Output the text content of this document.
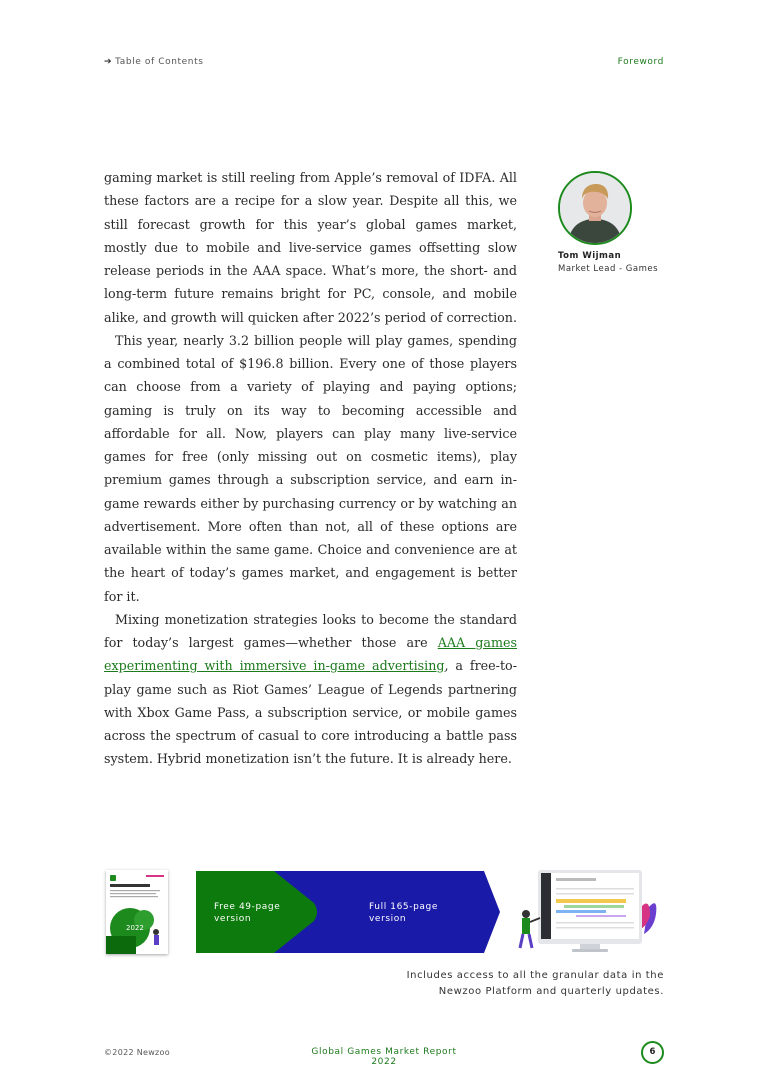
➔ Table of Contents	Foreword

gaming market is still reeling from Apple’s removal of IDFA. All these factors are a recipe for a slow year. Despite all this, we still forecast growth for this year’s global games market, mostly due to mobile and live-service games offsetting slow release periods in the AAA space. What’s more, the short- and long-term future remains bright for PC, console, and mobile alike, and growth will quicken after 2022’s period of correction.

This year, nearly 3.2 billion people will play games, spending a combined total of $196.8 billion. Every one of those players can choose from a variety of playing and paying options; gaming is truly on its way to becoming accessible and affordable for all. Now, players can play many live-service games for free (only missing out on cosmetic items), play premium games through a subscription service, and earn in-game rewards either by purchasing currency or by watching an advertisement. More often than not, all of these options are available within the same game. Choice and convenience are at the heart of today’s games market, and engagement is better for it.

Mixing monetization strategies looks to become the standard for today’s largest games—whether those are AAA games experimenting with immersive in-game advertising, a free-to-play game such as Riot Games’ League of Legends partnering with Xbox Game Pass, a subscription service, or mobile games across the spectrum of casual to core introducing a battle pass system. Hybrid monetization isn’t the future. It is already here.

Tom Wijman
Market Lead - Games
2022
Free 49-page version
Full 165-page version
Includes access to all the granular data in the
Newzoo Platform and quarterly updates.
©2022 Newzoo	Global Games Market Report 2022
6
